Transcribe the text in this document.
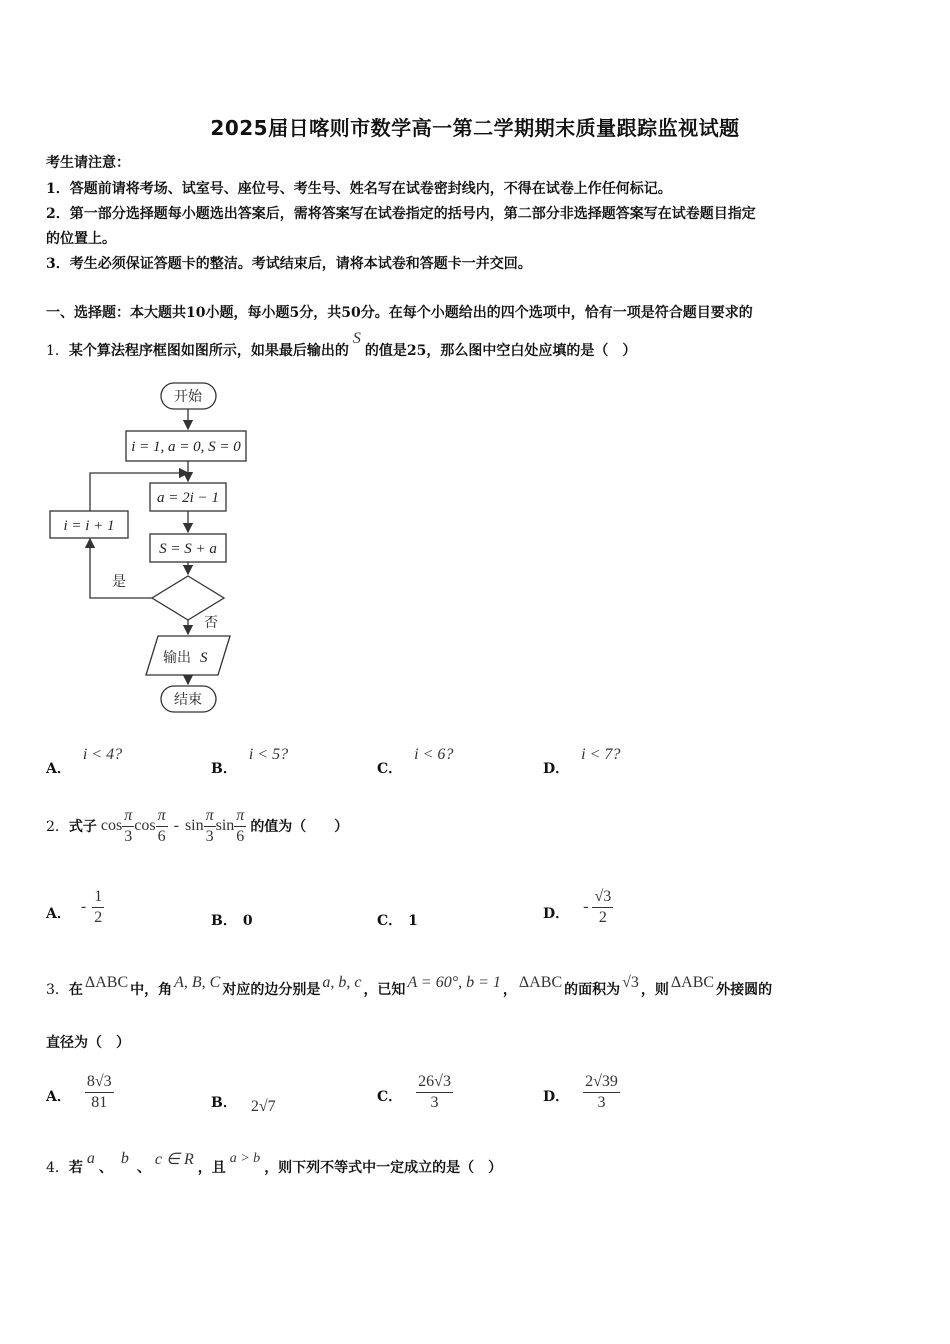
2025届日喀则市数学高一第二学期期末质量跟踪监视试题
考生请注意：
1．答题前请将考场、试室号、座位号、考生号、姓名写在试卷密封线内，不得在试卷上作任何标记。
2．第一部分选择题每小题选出答案后，需将答案写在试卷指定的括号内，第二部分非选择题答案写在试卷题目指定
的位置上。
3．考生必须保证答题卡的整洁。考试结束后，请将本试卷和答题卡一并交回。
一、选择题：本大题共10小题，每小题5分，共50分。在每个小题给出的四个选项中，恰有一项是符合题目要求的
1．某个算法程序框图如图所示，如果最后输出的S的值是25，那么图中空白处应填的是（　）
开始
i = 1, a = 0, S = 0
a = 2i − 1
S = S + a
i = i + 1
是
否
输出 S
结束
A．i < 4?
B．i < 5?
C．i < 6?
D．i < 7?
2． 式子 $\cos \frac{\pi}{3}$ $\cos \frac{\pi}{6}$ - $\sin \frac{\pi}{3}$ $\sin \frac{\pi}{6}$ 的值为（　　）
A． - $\frac{1}{2}$	B． 0	C． 1	D． - $\frac{√3}{2}$
3． 在 ΔABC 中，角 A, B, C 对应的边分别是 a, b, c ，已知 A = 60°, b = 1 ， ΔABC 的面积为 √3 ，则 ΔABC 外接圆的
直径为（　）
A． $\frac{8√3}{81}$	B． 2√7
C． $\frac{26√3}{3}$	D． $\frac{2√39}{3}$
4． 若
a
、
b
、 c ∈ R ，且
a > b
，则下列不等式中一定成立的是（　）
